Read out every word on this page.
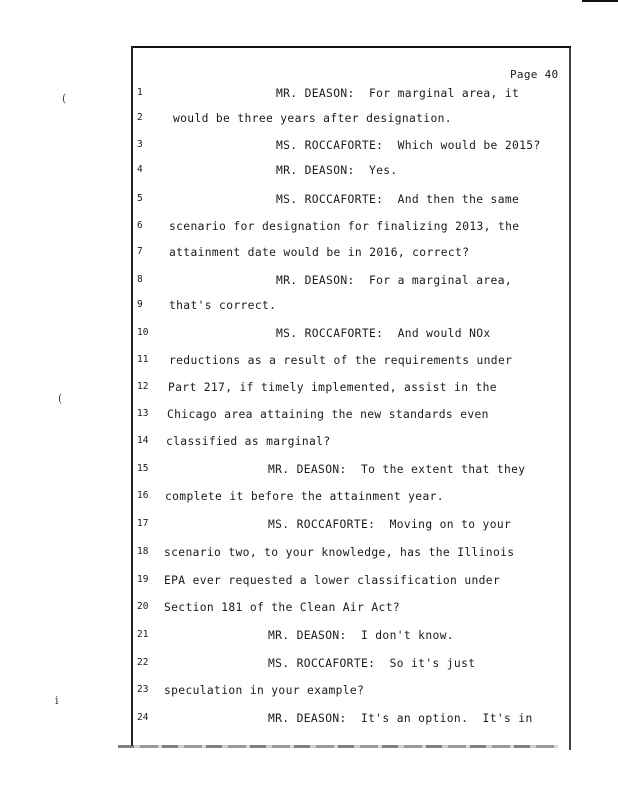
(
(
i
Page 40
1	MR. DEASON:  For marginal area, it
2	would be three years after designation.
3	MS. ROCCAFORTE:  Which would be 2015?
4	MR. DEASON:  Yes.
5	MS. ROCCAFORTE:  And then the same
6	scenario for designation for finalizing 2013, the
7	attainment date would be in 2016, correct?
8	MR. DEASON:  For a marginal area,
9	that's correct.
10	MS. ROCCAFORTE:  And would NOx
11	reductions as a result of the requirements under
12	Part 217, if timely implemented, assist in the
13	Chicago area attaining the new standards even
14	classified as marginal?
15	MR. DEASON:  To the extent that they
16	complete it before the attainment year.
17	MS. ROCCAFORTE:  Moving on to your
18	scenario two, to your knowledge, has the Illinois
19	EPA ever requested a lower classification under
20	Section 181 of the Clean Air Act?
21	MR. DEASON:  I don't know.
22	MS. ROCCAFORTE:  So it's just
23	speculation in your example?
24	MR. DEASON:  It's an option.  It's in
